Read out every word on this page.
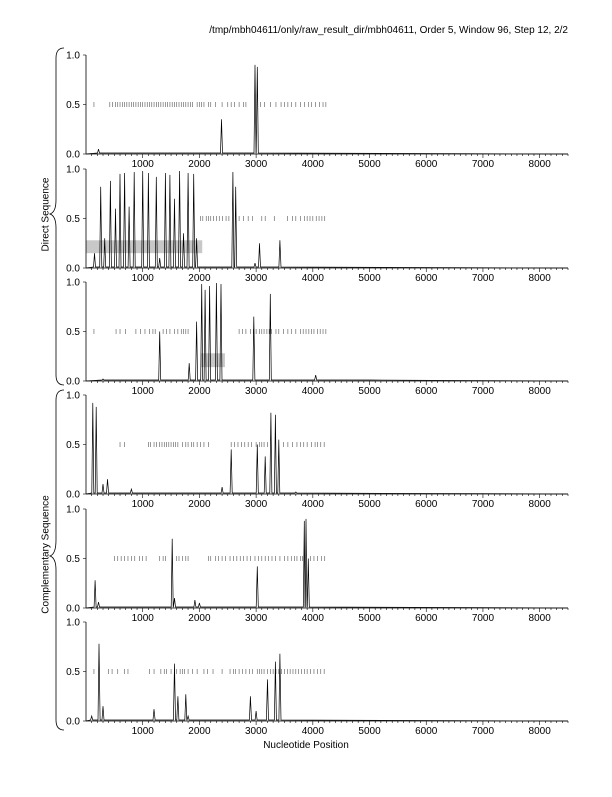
/tmp/mbh04611/only/raw_result_dir/mbh04611, Order 5, Window 96, Step 12, 2/2
Direct Sequence
Complementary Sequence
0.0
0.5
1.0
1000	2000	3000	4000	5000	6000	7000	8000
0.0
0.5
1.0
1000	2000	3000	4000	5000	6000	7000	8000
0.0
0.5
1.0
1000	2000	3000	4000	5000	6000	7000	8000
0.0
0.5
1.0
1000	2000	3000	4000	5000	6000	7000	8000
0.0
0.5
1.0
1000	2000	3000	4000	5000	6000	7000	8000
0.0
0.5
1.0
1000	2000	3000	4000	5000	6000	7000	8000
Nucleotide Position
